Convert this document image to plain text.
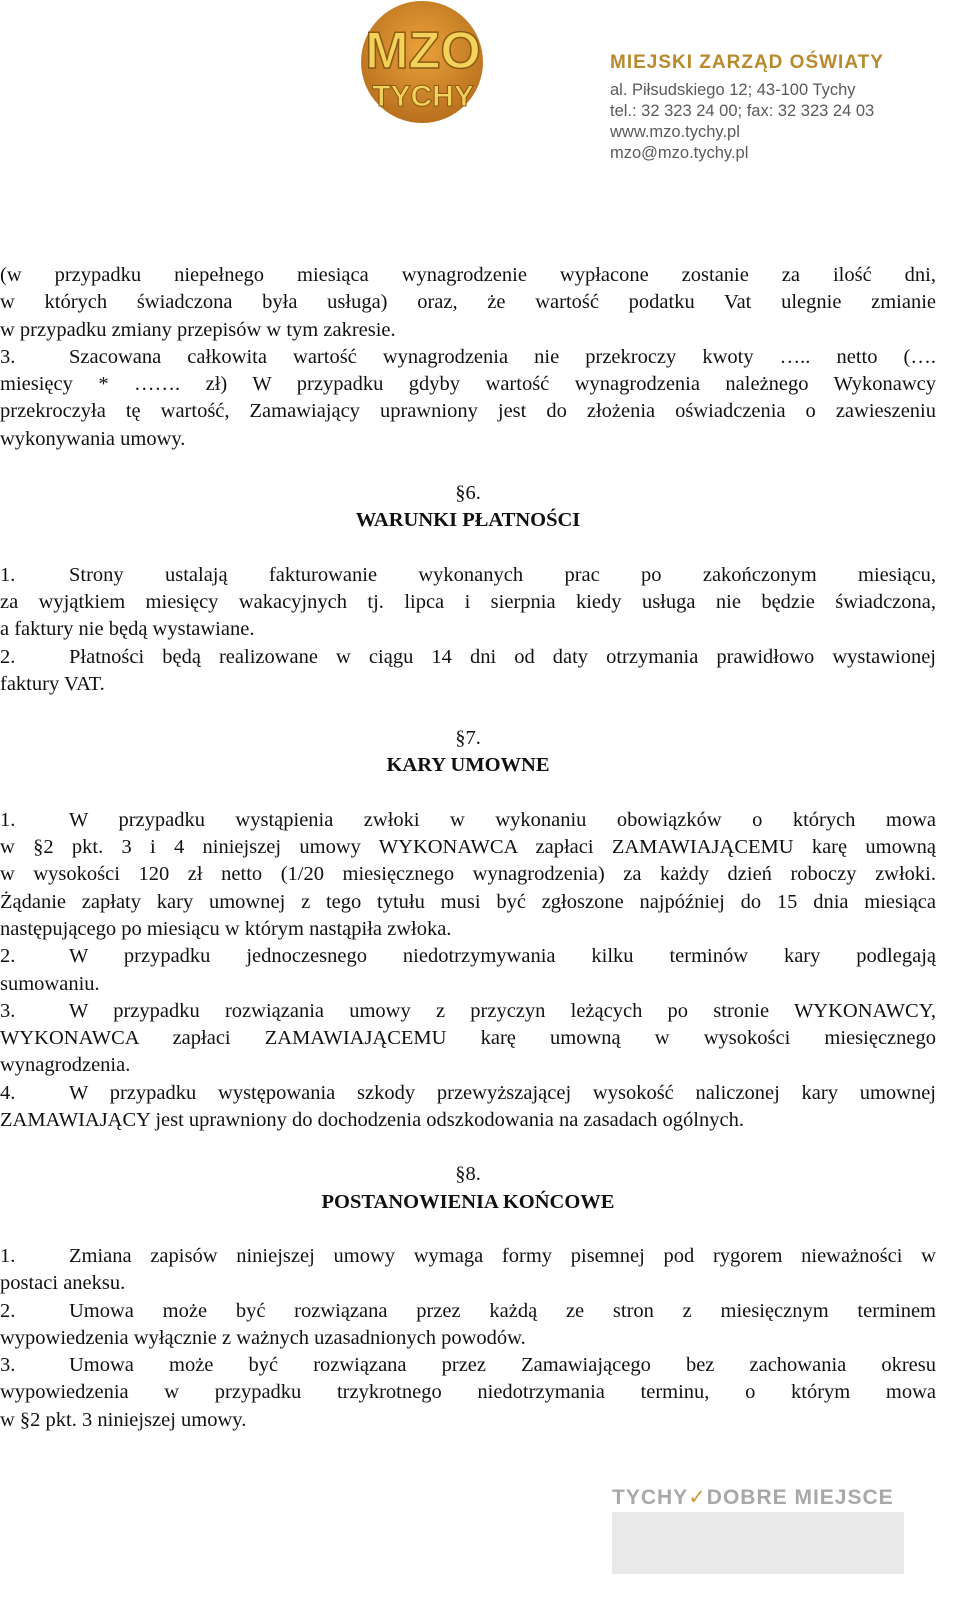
MZO
TYCHY

MIEJSKI ZARZĄD OŚWIATY

al. Piłsudskiego 12; 43-100 Tychy

tel.: 32 323 24 00; fax: 32 323 24 03

www.mzo.tychy.pl

mzo@mzo.tychy.pl

(w przypadku niepełnego miesiąca wynagrodzenie wypłacone zostanie za ilość dni,

w których świadczona była usługa) oraz, że wartość podatku Vat ulegnie zmianie

w przypadku zmiany przepisów w tym zakresie.

3.	Szacowana całkowita wartość wynagrodzenia nie przekroczy kwoty ….. netto (….

miesięcy * ……. zł) W przypadku gdyby wartość wynagrodzenia należnego Wykonawcy

przekroczyła tę wartość, Zamawiający uprawniony jest do złożenia oświadczenia o zawieszeniu

wykonywania umowy.

§6.

WARUNKI PŁATNOŚCI

1.	Strony ustalają fakturowanie wykonanych prac po zakończonym miesiącu,

za wyjątkiem miesięcy wakacyjnych tj. lipca i sierpnia kiedy usługa nie będzie świadczona,

a faktury nie będą wystawiane.

2.	Płatności będą realizowane w ciągu 14 dni od daty otrzymania prawidłowo wystawionej

faktury VAT.

§7.

KARY UMOWNE

1.	W przypadku wystąpienia zwłoki w wykonaniu obowiązków o których mowa

w §2 pkt. 3 i 4 niniejszej umowy WYKONAWCA zapłaci ZAMAWIAJĄCEMU karę umowną

w wysokości 120 zł netto (1/20 miesięcznego wynagrodzenia) za każdy dzień roboczy zwłoki.

Żądanie zapłaty kary umownej z tego tytułu musi być zgłoszone najpóźniej do 15 dnia miesiąca

następującego po miesiącu w którym nastąpiła zwłoka.

2.	W przypadku jednoczesnego niedotrzymywania kilku terminów kary podlegają

sumowaniu.

3.	W przypadku rozwiązania umowy z przyczyn leżących po stronie WYKONAWCY,

WYKONAWCA zapłaci ZAMAWIAJĄCEMU karę umowną w wysokości miesięcznego

wynagrodzenia.

4.	W przypadku występowania szkody przewyższającej wysokość naliczonej kary umownej

ZAMAWIAJĄCY jest uprawniony do dochodzenia odszkodowania na zasadach ogólnych.

§8.

POSTANOWIENIA KOŃCOWE

1.	Zmiana zapisów niniejszej umowy wymaga formy pisemnej pod rygorem nieważności w

postaci aneksu.

2.	Umowa może być rozwiązana przez każdą ze stron z miesięcznym terminem

wypowiedzenia wyłącznie z ważnych uzasadnionych powodów.

3.	Umowa może być rozwiązana przez Zamawiającego bez zachowania okresu

wypowiedzenia w przypadku trzykrotnego niedotrzymania terminu, o którym mowa

w §2 pkt. 3 niniejszej umowy.

TYCHY✓DOBRE MIEJSCE
